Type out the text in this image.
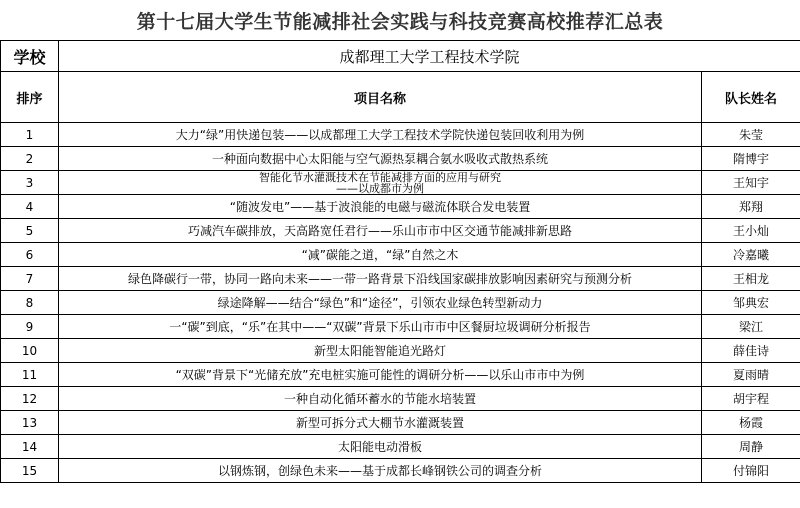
第十七届大学生节能减排社会实践与科技竞赛高校推荐汇总表
学校	成都理工大学工程技术学院	
排序	项目名称	队长姓名
1	大力“绿”用快递包装——以成都理工大学工程技术学院快递包装回收利用为例	朱莹
2	一种面向数据中心太阳能与空气源热泵耦合氨水吸收式散热系统	隋博宇
3	智能化节水灌溉技术在节能减排方面的应用与研究
——以成都市为例	王知宇
4	“随波发电”——基于波浪能的电磁与磁流体联合发电装置	郑翔
5	巧减汽车碳排放，天高路宽任君行——乐山市市中区交通节能减排新思路	王小灿
6	“减”碳能之道，“绿”自然之木	冷嘉曦
7	绿色降碳行一带，协同一路向未来——一带一路背景下沿线国家碳排放影响因素研究与预测分析	王相龙
8	绿途降解——结合“绿色”和“途径”，引领农业绿色转型新动力	邹典宏
9	一“碳”到底，“乐”在其中——“双碳”背景下乐山市市中区餐厨垃圾调研分析报告	梁江
10	新型太阳能智能追光路灯	薛佳诗
11	“双碳”背景下“光储充放”充电桩实施可能性的调研分析——以乐山市市中为例	夏雨晴
12	一种自动化循环蓄水的节能水培装置	胡宇程
13	新型可拆分式大棚节水灌溉装置	杨霞
14	太阳能电动滑板	周静
15	以钢炼钢，创绿色未来——基于成都长峰钢铁公司的调查分析	付锦阳
